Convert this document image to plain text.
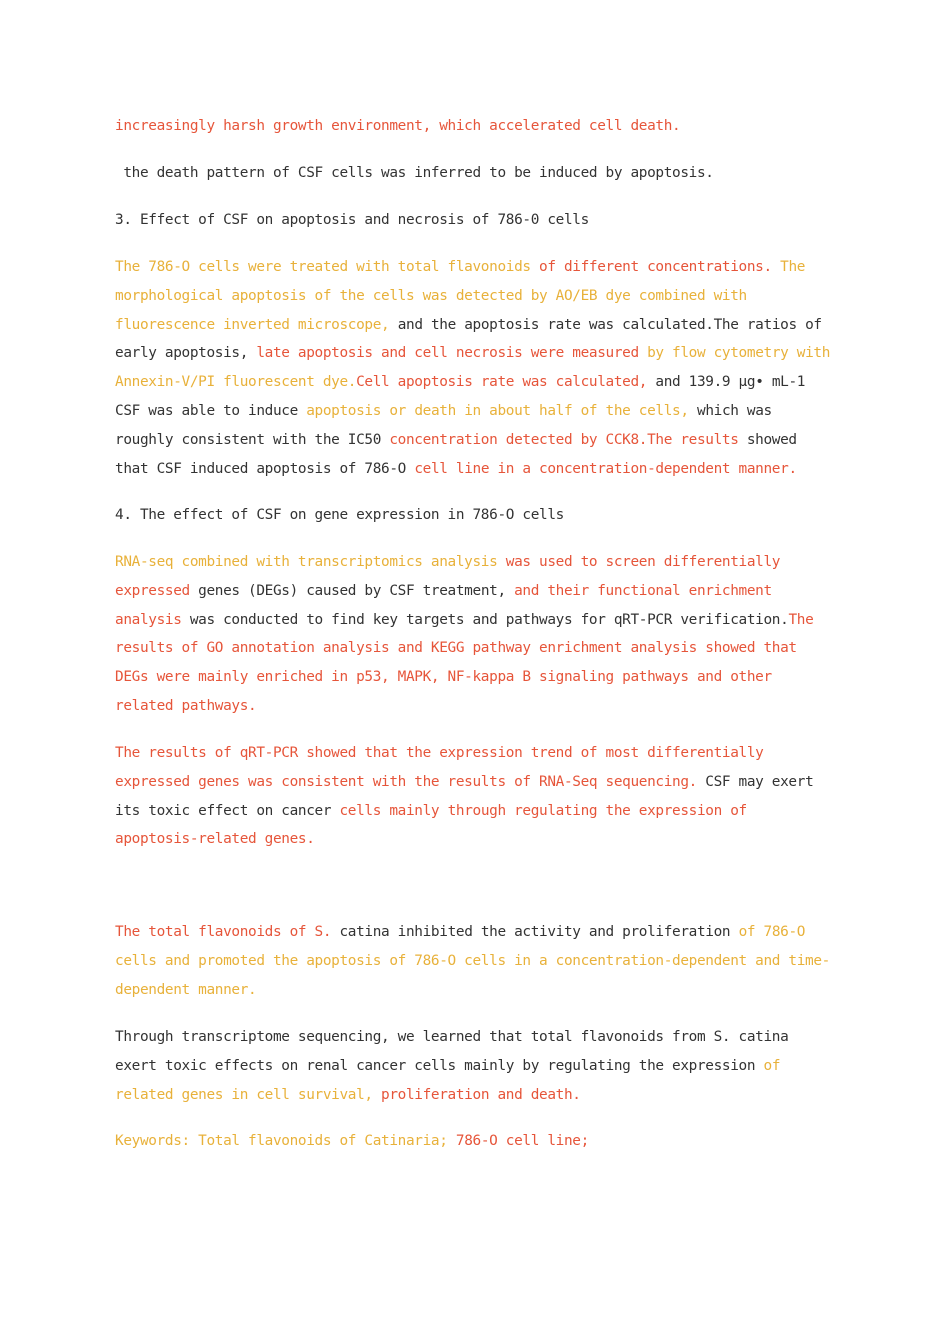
increasingly harsh growth environment, which accelerated cell death.

the death pattern of CSF cells was inferred to be induced by apoptosis.

3. Effect of CSF on apoptosis and necrosis of 786-0 cells

The 786-O cells were treated with total flavonoids of different concentrations. The morphological apoptosis of the cells was detected by AO/EB dye combined with fluorescence inverted microscope, and the apoptosis rate was calculated.The ratios of early apoptosis, late apoptosis and cell necrosis were measured by flow cytometry with Annexin-V/PI fluorescent dye.Cell apoptosis rate was calculated, and 139.9 μg• mL-1 CSF was able to induce apoptosis or death in about half of the cells, which was roughly consistent with the IC50 concentration detected by CCK8.The results showed that CSF induced apoptosis of 786-O cell line in a concentration-dependent manner.

4. The effect of CSF on gene expression in 786-O cells

RNA-seq combined with transcriptomics analysis was used to screen differentially expressed genes (DEGs) caused by CSF treatment, and their functional enrichment analysis was conducted to find key targets and pathways for qRT-PCR verification.The results of GO annotation analysis and KEGG pathway enrichment analysis showed that DEGs were mainly enriched in p53, MAPK, NF-kappa B signaling pathways and other related pathways.

The results of qRT-PCR showed that the expression trend of most differentially expressed genes was consistent with the results of RNA-Seq sequencing. CSF may exert its toxic effect on cancer cells mainly through regulating the expression of apoptosis-related genes.

The total flavonoids of S. catina inhibited the activity and proliferation of 786-O cells and promoted the apoptosis of 786-O cells in a concentration-dependent and time-dependent manner.

Through transcriptome sequencing, we learned that total flavonoids from S. catina exert toxic effects on renal cancer cells mainly by regulating the expression of related genes in cell survival, proliferation and death.

Keywords: Total flavonoids of Catinaria; 786-O cell line;
